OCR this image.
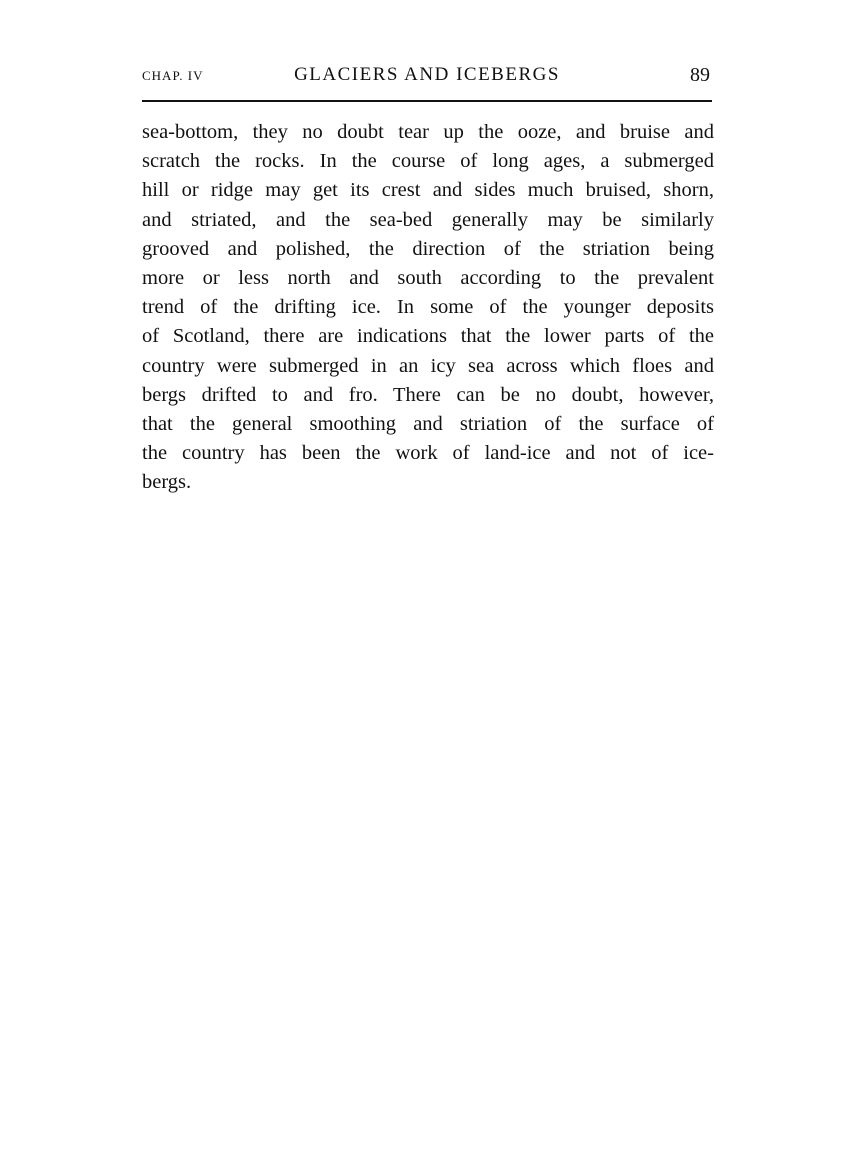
CHAP. IV	GLACIERS AND ICEBERGS	89
sea-bottom, they no doubt tear up the ooze, and bruise and
scratch the rocks. In the course of long ages, a submerged
hill or ridge may get its crest and sides much bruised, shorn,
and striated, and the sea-bed generally may be similarly
grooved and polished, the direction of the striation being
more or less north and south according to the prevalent
trend of the drifting ice. In some of the younger deposits
of Scotland, there are indications that the lower parts of the
country were submerged in an icy sea across which floes and
bergs drifted to and fro. There can be no doubt, however,
that the general smoothing and striation of the surface of
the country has been the work of land-ice and not of ice-
bergs.
